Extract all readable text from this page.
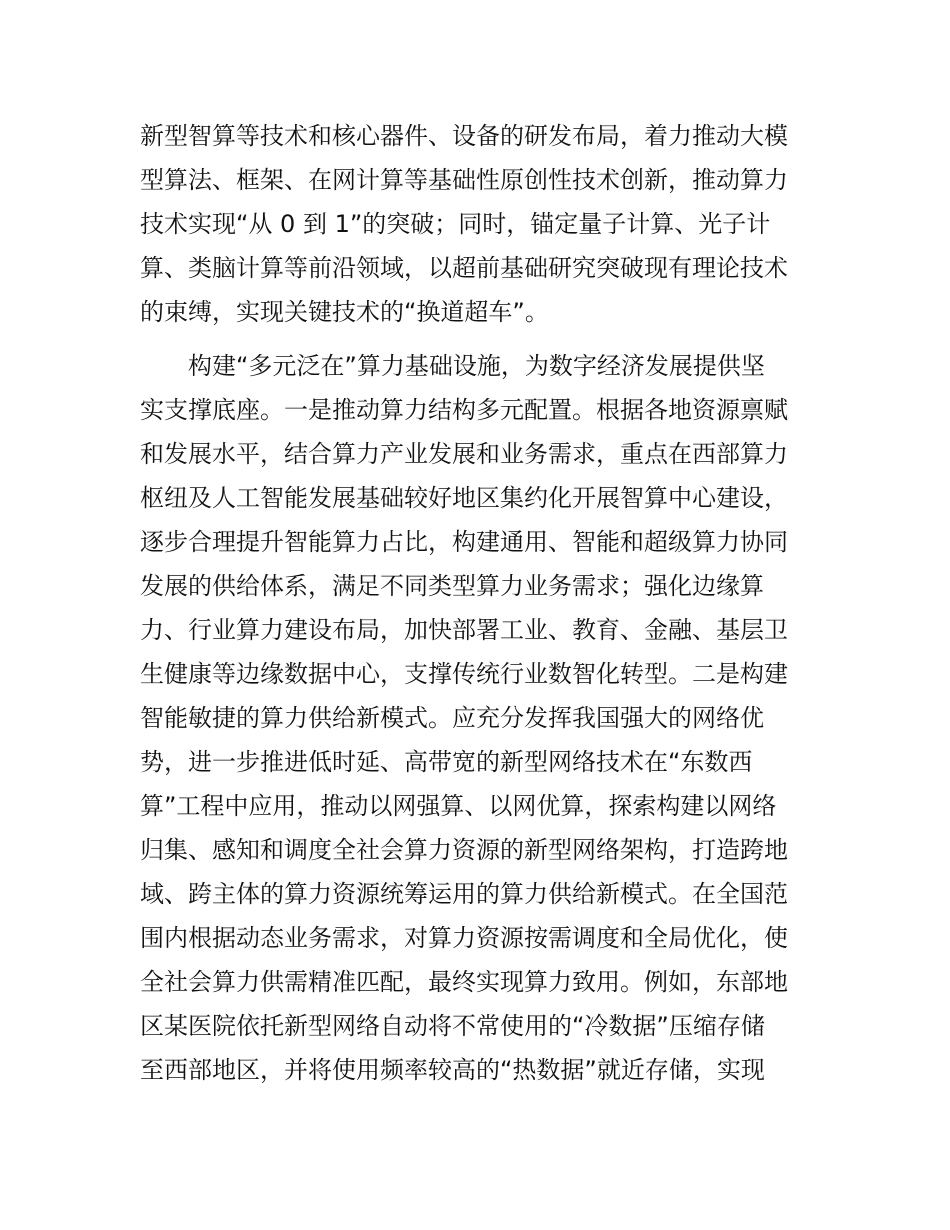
新型智算等技术和核心器件、设备的研发布局，着力推动大模
型算法、框架、在网计算等基础性原创性技术创新，推动算力
技术实现“从 0 到 1”的突破；同时，锚定量子计算、光子计
算、类脑计算等前沿领域，以超前基础研究突破现有理论技术
的束缚，实现关键技术的“换道超车”。

构建“多元泛在”算力基础设施，为数字经济发展提供坚
实支撑底座。一是推动算力结构多元配置。根据各地资源禀赋
和发展水平，结合算力产业发展和业务需求，重点在西部算力
枢纽及人工智能发展基础较好地区集约化开展智算中心建设，
逐步合理提升智能算力占比，构建通用、智能和超级算力协同
发展的供给体系，满足不同类型算力业务需求；强化边缘算
力、行业算力建设布局，加快部署工业、教育、金融、基层卫
生健康等边缘数据中心，支撑传统行业数智化转型。二是构建
智能敏捷的算力供给新模式。应充分发挥我国强大的网络优
势，进一步推进低时延、高带宽的新型网络技术在“东数西
算”工程中应用，推动以网强算、以网优算，探索构建以网络
归集、感知和调度全社会算力资源的新型网络架构，打造跨地
域、跨主体的算力资源统筹运用的算力供给新模式。在全国范
围内根据动态业务需求，对算力资源按需调度和全局优化，使
全社会算力供需精准匹配，最终实现算力致用。例如，东部地
区某医院依托新型网络自动将不常使用的“冷数据”压缩存储
至西部地区，并将使用频率较高的“热数据”就近存储，实现
